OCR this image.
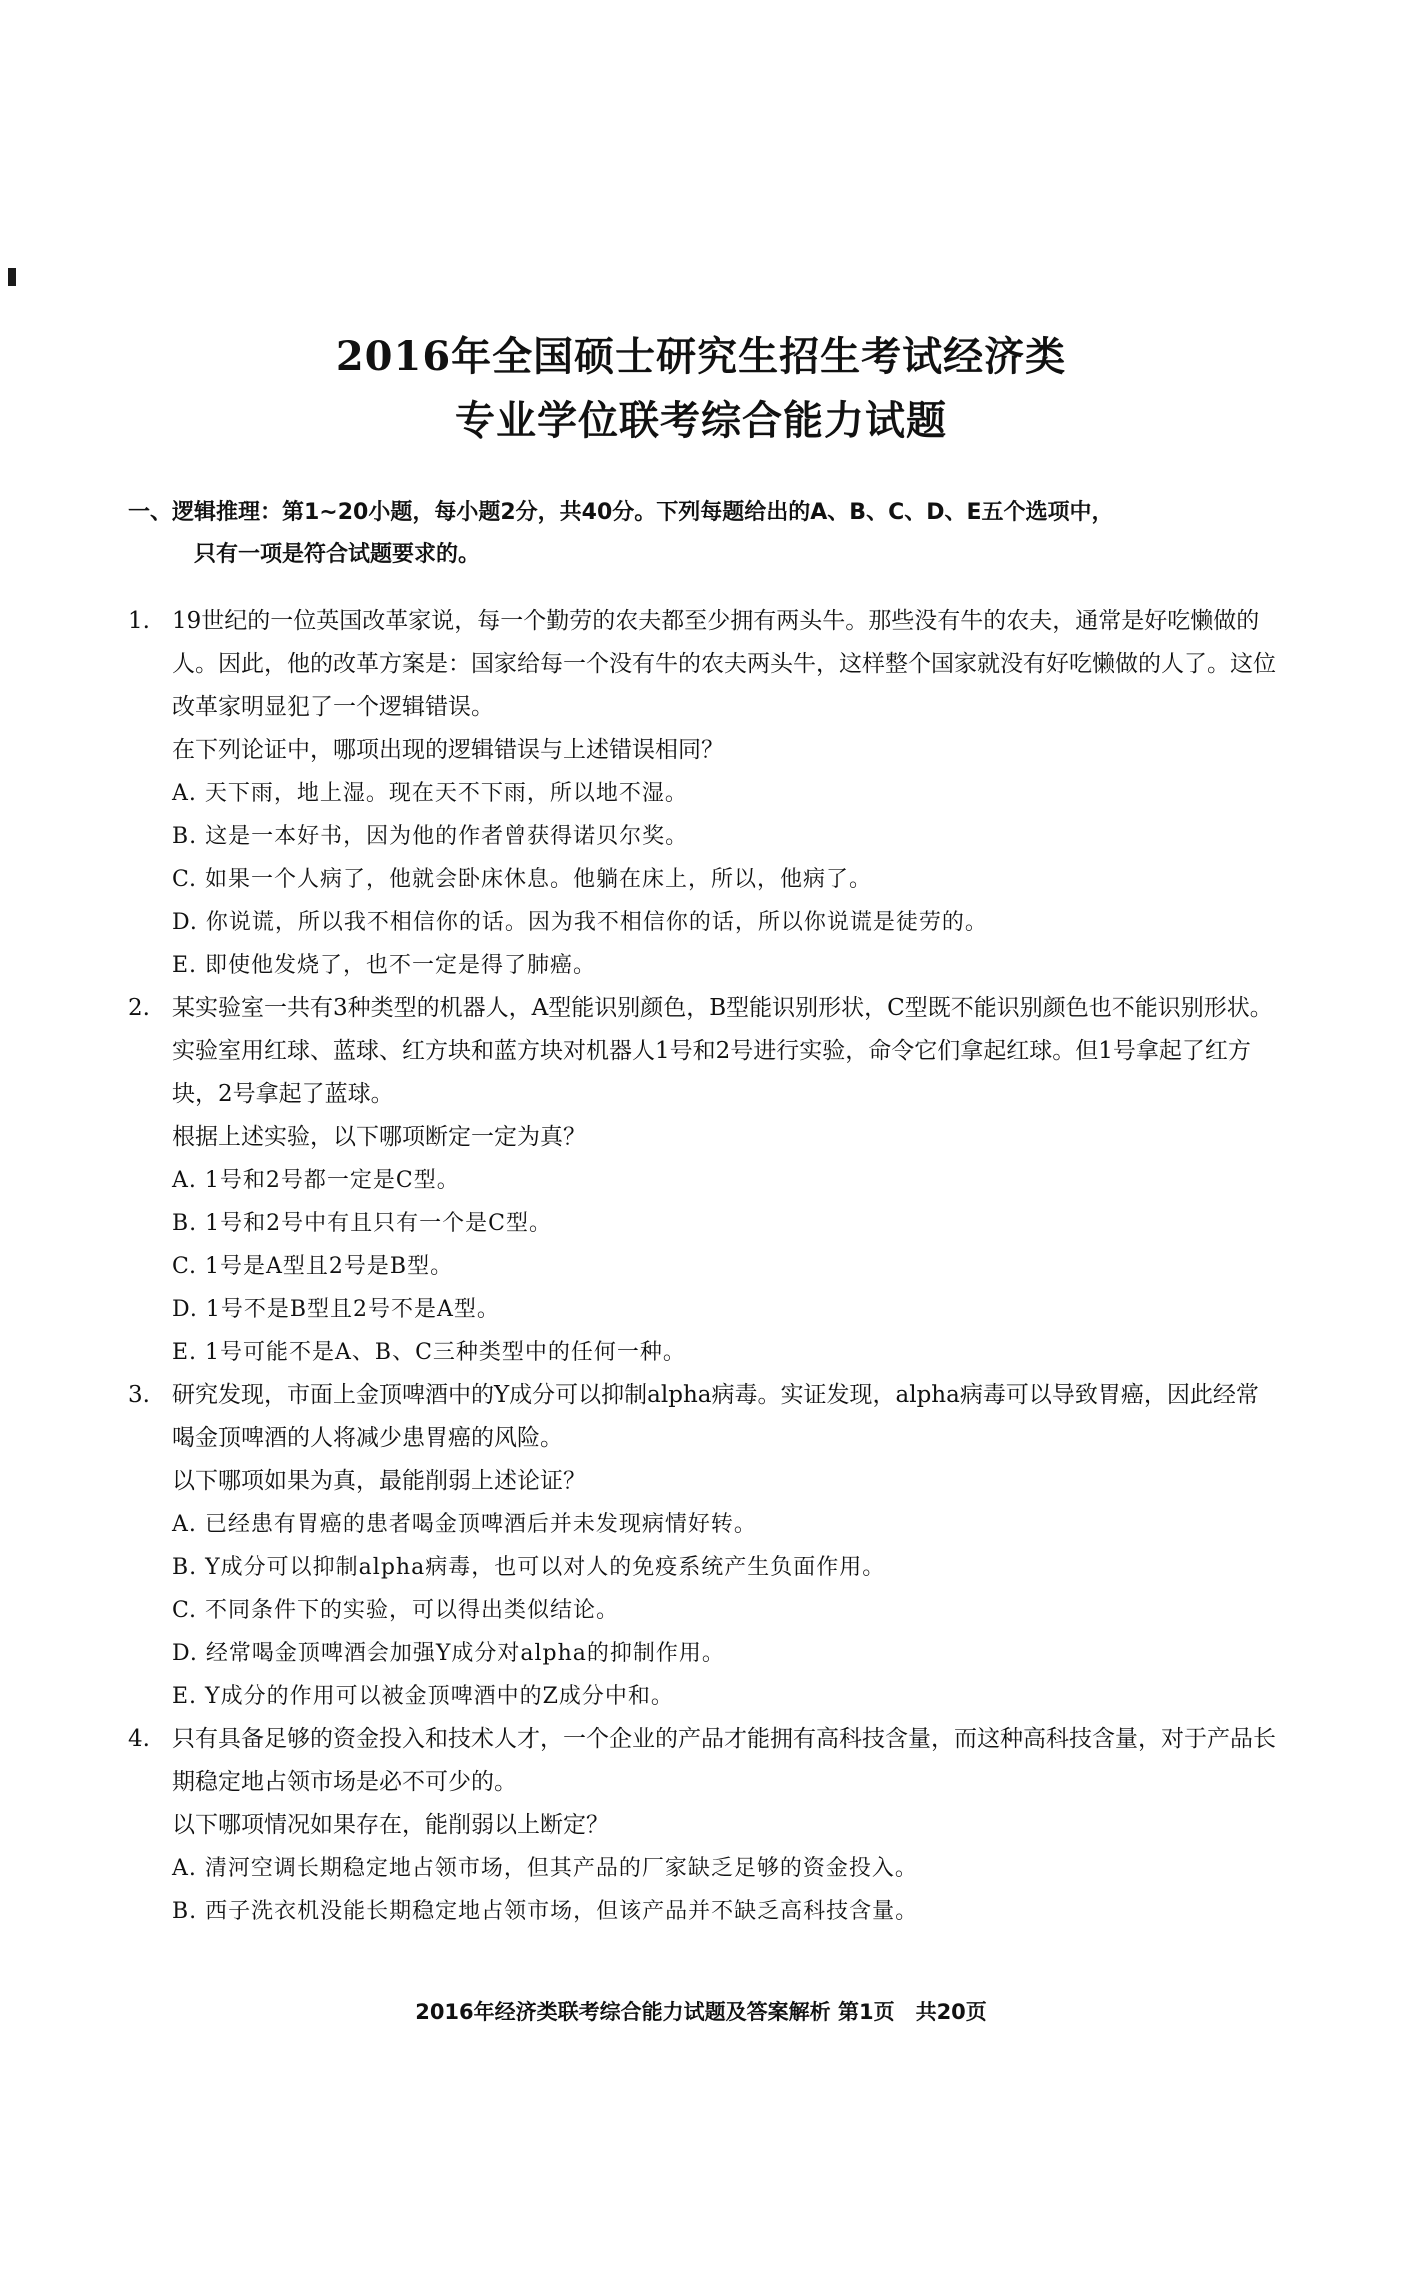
2016年全国硕士研究生招生考试经济类
专业学位联考综合能力试题
一、逻辑推理：第1~20小题，每小题2分，共40分。下列每题给出的A、B、C、D、E五个选项中，
只有一项是符合试题要求的。
1. 19世纪的一位英国改革家说，每一个勤劳的农夫都至少拥有两头牛。那些没有牛的农夫，通常是好吃懒做的人。因此，他的改革方案是：国家给每一个没有牛的农夫两头牛，这样整个国家就没有好吃懒做的人了。这位改革家明显犯了一个逻辑错误。
在下列论证中，哪项出现的逻辑错误与上述错误相同？
A. 天下雨，地上湿。现在天不下雨，所以地不湿。
B. 这是一本好书，因为他的作者曾获得诺贝尔奖。
C. 如果一个人病了，他就会卧床休息。他躺在床上，所以，他病了。
D. 你说谎，所以我不相信你的话。因为我不相信你的话，所以你说谎是徒劳的。
E. 即使他发烧了，也不一定是得了肺癌。
2. 某实验室一共有3种类型的机器人，A型能识别颜色，B型能识别形状，C型既不能识别颜色也不能识别形状。实验室用红球、蓝球、红方块和蓝方块对机器人1号和2号进行实验，命令它们拿起红球。但1号拿起了红方块，2号拿起了蓝球。
根据上述实验，以下哪项断定一定为真？
A. 1号和2号都一定是C型。
B. 1号和2号中有且只有一个是C型。
C. 1号是A型且2号是B型。
D. 1号不是B型且2号不是A型。
E. 1号可能不是A、B、C三种类型中的任何一种。
3. 研究发现，市面上金顶啤酒中的Y成分可以抑制alpha病毒。实证发现，alpha病毒可以导致胃癌，因此经常喝金顶啤酒的人将减少患胃癌的风险。
以下哪项如果为真，最能削弱上述论证？
A. 已经患有胃癌的患者喝金顶啤酒后并未发现病情好转。
B. Y成分可以抑制alpha病毒，也可以对人的免疫系统产生负面作用。
C. 不同条件下的实验，可以得出类似结论。
D. 经常喝金顶啤酒会加强Y成分对alpha的抑制作用。
E. Y成分的作用可以被金顶啤酒中的Z成分中和。
4. 只有具备足够的资金投入和技术人才，一个企业的产品才能拥有高科技含量，而这种高科技含量，对于产品长期稳定地占领市场是必不可少的。
以下哪项情况如果存在，能削弱以上断定？
A. 清河空调长期稳定地占领市场，但其产品的厂家缺乏足够的资金投入。
B. 西子洗衣机没能长期稳定地占领市场，但该产品并不缺乏高科技含量。
2016年经济类联考综合能力试题及答案解析 第1页　共20页
